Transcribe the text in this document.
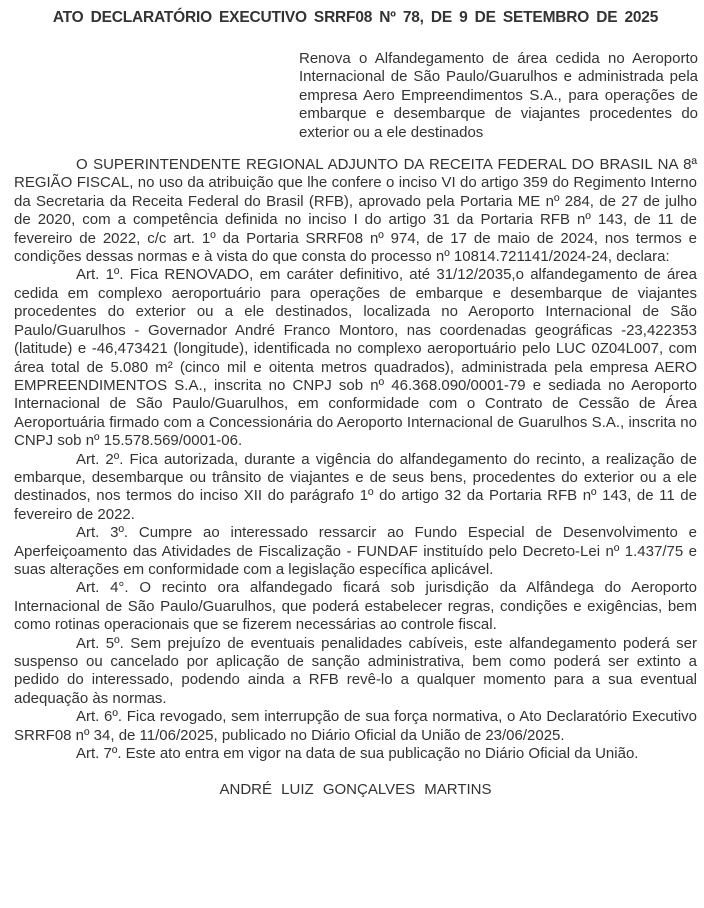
ATO DECLARATÓRIO EXECUTIVO SRRF08 Nº 78, DE 9 DE SETEMBRO DE 2025

Renova o Alfandegamento de área cedida no Aeroporto Internacional de São Paulo/Guarulhos e administrada pela empresa Aero Empreendimentos S.A., para operações de embarque e desembarque de viajantes procedentes do exterior ou a ele destinados

O SUPERINTENDENTE REGIONAL ADJUNTO DA RECEITA FEDERAL DO BRASIL NA 8ª REGIÃO FISCAL, no uso da atribuição que lhe confere o inciso VI do artigo 359 do Regimento Interno da Secretaria da Receita Federal do Brasil (RFB), aprovado pela Portaria ME nº 284, de 27 de julho de 2020, com a competência definida no inciso I do artigo 31 da Portaria RFB nº 143, de 11 de fevereiro de 2022, c/c art. 1º da Portaria SRRF08 nº 974, de 17 de maio de 2024, nos termos e condições dessas normas e à vista do que consta do processo nº 10814.721141/2024-24, declara:

Art. 1º. Fica RENOVADO, em caráter definitivo, até 31/12/2035,o alfandegamento de área cedida em complexo aeroportuário para operações de embarque e desembarque de viajantes procedentes do exterior ou a ele destinados, localizada no Aeroporto Internacional de São Paulo/Guarulhos - Governador André Franco Montoro, nas coordenadas geográficas -23,422353 (latitude) e -46,473421 (longitude), identificada no complexo aeroportuário pelo LUC 0Z04L007, com área total de 5.080 m² (cinco mil e oitenta metros quadrados), administrada pela empresa AERO EMPREENDIMENTOS S.A., inscrita no CNPJ sob nº 46.368.090/0001-79 e sediada no Aeroporto Internacional de São Paulo/Guarulhos, em conformidade com o Contrato de Cessão de Área Aeroportuária firmado com a Concessionária do Aeroporto Internacional de Guarulhos S.A., inscrita no CNPJ sob nº 15.578.569/0001-06.

Art. 2º. Fica autorizada, durante a vigência do alfandegamento do recinto, a realização de embarque, desembarque ou trânsito de viajantes e de seus bens, procedentes do exterior ou a ele destinados, nos termos do inciso XII do parágrafo 1º do artigo 32 da Portaria RFB nº 143, de 11 de fevereiro de 2022.

Art. 3º. Cumpre ao interessado ressarcir ao Fundo Especial de Desenvolvimento e Aperfeiçoamento das Atividades de Fiscalização - FUNDAF instituído pelo Decreto-Lei nº 1.437/75 e suas alterações em conformidade com a legislação específica aplicável.

Art. 4°. O recinto ora alfandegado ficará sob jurisdição da Alfândega do Aeroporto Internacional de São Paulo/Guarulhos, que poderá estabelecer regras, condições e exigências, bem como rotinas operacionais que se fizerem necessárias ao controle fiscal.

Art. 5º. Sem prejuízo de eventuais penalidades cabíveis, este alfandegamento poderá ser suspenso ou cancelado por aplicação de sanção administrativa, bem como poderá ser extinto a pedido do interessado, podendo ainda a RFB revê-lo a qualquer momento para a sua eventual adequação às normas.

Art. 6º. Fica revogado, sem interrupção de sua força normativa, o Ato Declaratório Executivo SRRF08 nº 34, de 11/06/2025, publicado no Diário Oficial da União de 23/06/2025.

Art. 7º. Este ato entra em vigor na data de sua publicação no Diário Oficial da União.

ANDRÉ LUIZ GONÇALVES MARTINS
